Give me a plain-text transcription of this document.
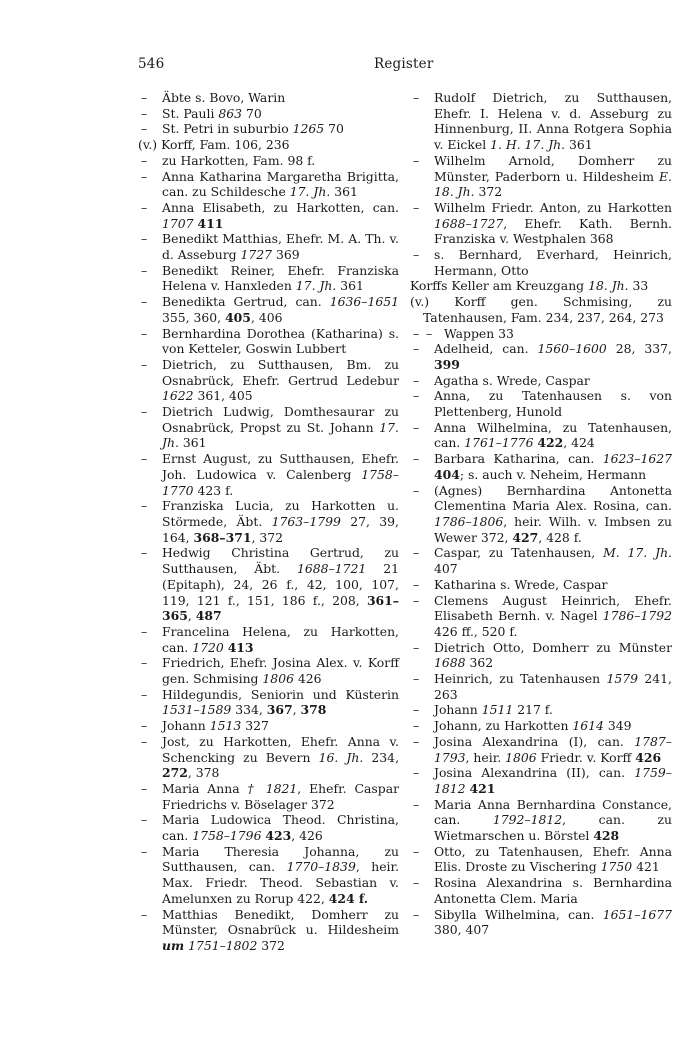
546	Register
– Äbte s. Bovo, Warin
– St. Pauli 863 70
– St. Petri in suburbio 1265 70
(v.) Korff, Fam. 106, 236
– zu Harkotten, Fam. 98 f.
– Anna Katharina Margaretha Brigitta, can. zu Schildesche 17. Jh. 361
– Anna Elisabeth, zu Harkotten, can. 1707 411
– Benedikt Matthias, Ehefr. M. A. Th. v. d. Asseburg 1727 369
– Benedikt Reiner, Ehefr. Franziska Helena v. Hanxleden 17. Jh. 361
– Benedikta Gertrud, can. 1636–1651 355, 360, 405, 406
– Bernhardina Dorothea (Katharina) s. von Ketteler, Goswin Lubbert
– Dietrich, zu Sutthausen, Bm. zu Osnabrück, Ehefr. Gertrud Ledebur 1622 361, 405
– Dietrich Ludwig, Domthesaurar zu Osnabrück, Propst zu St. Johann 17. Jh. 361
– Ernst August, zu Sutthausen, Ehefr. Joh. Ludowica v. Calenberg 1758–1770 423 f.
– Franziska Lucia, zu Harkotten u. Störmede, Äbt. 1763–1799 27, 39, 164, 368–371, 372
– Hedwig Christina Gertrud, zu Sutthausen, Äbt. 1688–1721 21 (Epitaph), 24, 26 f., 42, 100, 107, 119, 121 f., 151, 186 f., 208, 361–365, 487
– Francelina Helena, zu Harkotten, can. 1720 413
– Friedrich, Ehefr. Josina Alex. v. Korff gen. Schmising 1806 426
– Hildegundis, Seniorin und Küsterin 1531–1589 334, 367, 378
– Johann 1513 327
– Jost, zu Harkotten, Ehefr. Anna v. Schencking zu Bevern 16. Jh. 234, 272, 378
– Maria Anna † 1821, Ehefr. Caspar Friedrichs v. Böselager 372
– Maria Ludowica Theod. Christina, can. 1758–1796 423, 426
– Maria Theresia Johanna, zu Sutthausen, can. 1770–1839, heir. Max. Friedr. Theod. Sebastian v. Amelunxen zu Rorup 422, 424 f.
– Matthias Benedikt, Domherr zu Münster, Osnabrück u. Hildesheim um 1751–1802 372
– Rudolf Dietrich, zu Sutthausen, Ehefr. I. Helena v. d. Asseburg zu Hinnenburg, II. Anna Rotgera Sophia v. Eickel 1. H. 17. Jh. 361
– Wilhelm Arnold, Domherr zu Münster, Paderborn u. Hildesheim E. 18. Jh. 372
– Wilhelm Friedr. Anton, zu Harkotten 1688–1727, Ehefr. Kath. Bernh. Franziska v. Westphalen 368
– s. Bernhard, Everhard, Heinrich, Hermann, Otto
Korffs Keller am Kreuzgang 18. Jh. 33
(v.) Korff gen. Schmising, zu Tatenhausen, Fam. 234, 237, 264, 273
– – Wappen 33
– Adelheid, can. 1560–1600 28, 337, 399
– Agatha s. Wrede, Caspar
– Anna, zu Tatenhausen s. von Plettenberg, Hunold
– Anna Wilhelmina, zu Tatenhausen, can. 1761–1776 422, 424
– Barbara Katharina, can. 1623–1627 404; s. auch v. Neheim, Hermann
– (Agnes) Bernhardina Antonetta Clementina Maria Alex. Rosina, can. 1786–1806, heir. Wilh. v. Imbsen zu Wewer 372, 427, 428 f.
– Caspar, zu Tatenhausen, M. 17. Jh. 407
– Katharina s. Wrede, Caspar
– Clemens August Heinrich, Ehefr. Elisabeth Bernh. v. Nagel 1786–1792 426 ff., 520 f.
– Dietrich Otto, Domherr zu Münster 1688 362
– Heinrich, zu Tatenhausen 1579 241, 263
– Johann 1511 217 f.
– Johann, zu Harkotten 1614 349
– Josina Alexandrina (I), can. 1787–1793, heir. 1806 Friedr. v. Korff 426
– Josina Alexandrina (II), can. 1759–1812 421
– Maria Anna Bernhardina Constance, can. 1792–1812, can. zu Wietmarschen u. Börstel 428
– Otto, zu Tatenhausen, Ehefr. Anna Elis. Droste zu Vischering 1750 421
– Rosina Alexandrina s. Bernhardina Antonetta Clem. Maria
– Sibylla Wilhelmina, can. 1651–1677 380, 407
